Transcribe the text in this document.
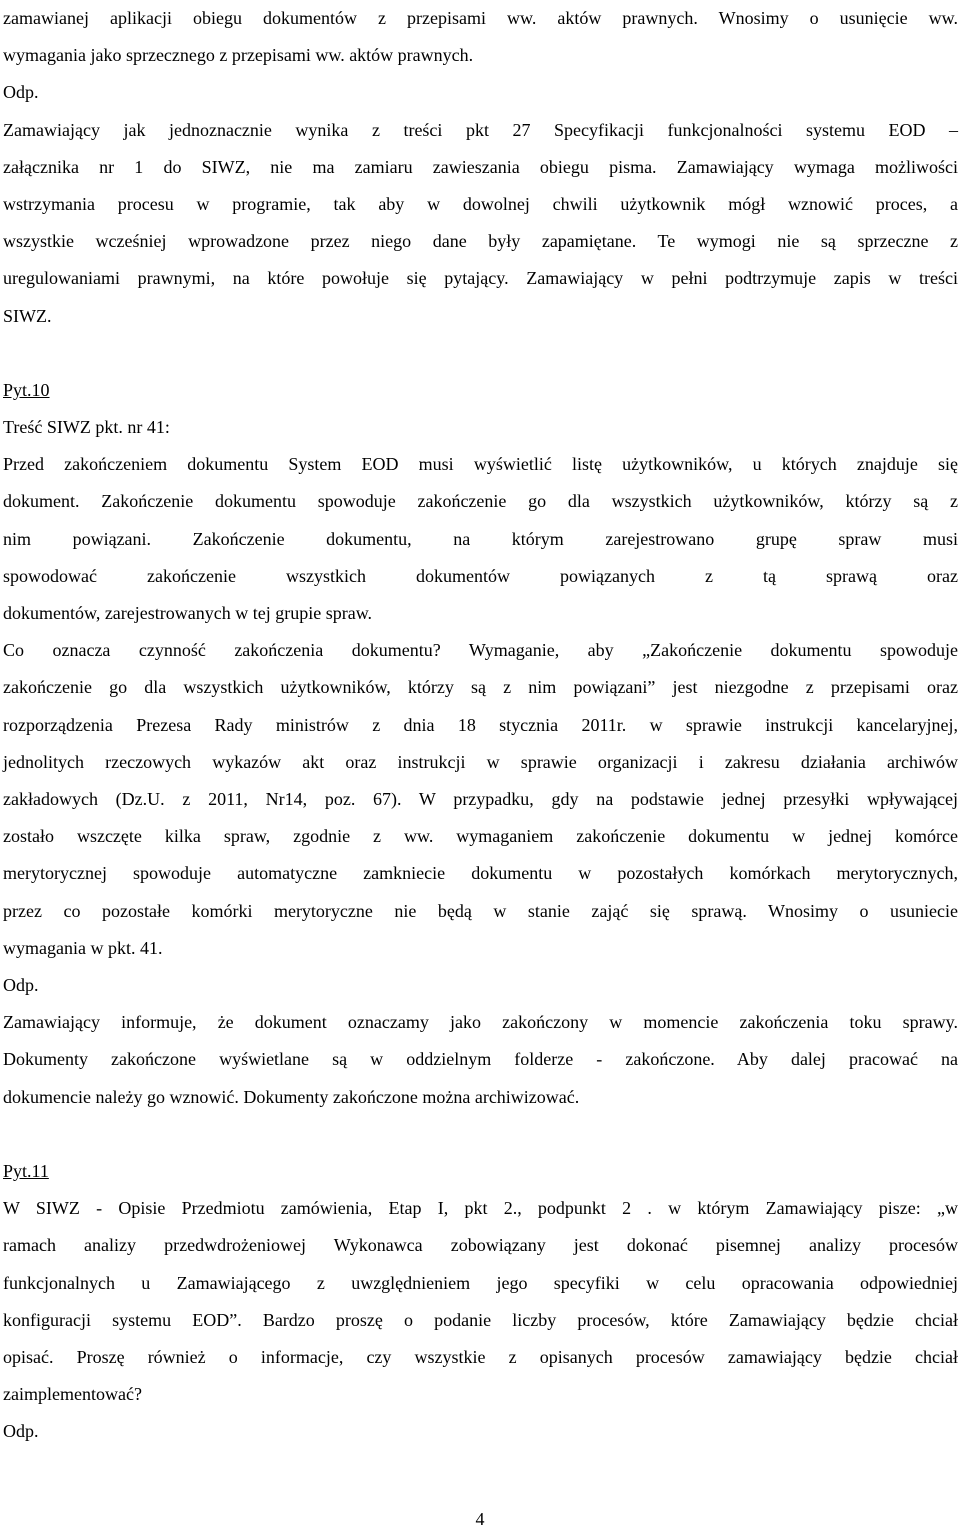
zamawianej aplikacji obiegu dokumentów z przepisami ww. aktów prawnych. Wnosimy o usunięcie ww.

wymagania jako sprzecznego z przepisami ww. aktów prawnych.

Odp.

Zamawiający jak jednoznacznie wynika z treści pkt 27 Specyfikacji funkcjonalności systemu EOD –

załącznika nr 1 do SIWZ, nie ma zamiaru zawieszania obiegu pisma. Zamawiający wymaga możliwości

wstrzymania procesu w programie, tak aby w dowolnej chwili użytkownik mógł wznowić proces, a

wszystkie wcześniej wprowadzone przez niego dane były zapamiętane. Te wymogi nie są sprzeczne z

uregulowaniami prawnymi, na które powołuje się pytający. Zamawiający w pełni podtrzymuje zapis w treści

SIWZ.

Pyt.10

Treść SIWZ pkt. nr 41:

Przed zakończeniem dokumentu System EOD musi wyświetlić listę użytkowników, u których znajduje się

dokument. Zakończenie dokumentu spowoduje zakończenie go dla wszystkich użytkowników, którzy są z

nim powiązani. Zakończenie dokumentu, na którym zarejestrowano grupę spraw musi

spowodować zakończenie wszystkich dokumentów powiązanych z tą sprawą oraz

dokumentów, zarejestrowanych w tej grupie spraw.

Co oznacza czynność zakończenia dokumentu? Wymaganie, aby „Zakończenie dokumentu spowoduje

zakończenie go dla wszystkich użytkowników, którzy są z nim powiązani” jest niezgodne z przepisami oraz

rozporządzenia Prezesa Rady ministrów z dnia 18 stycznia 2011r. w sprawie instrukcji kancelaryjnej,

jednolitych rzeczowych wykazów akt oraz instrukcji w sprawie organizacji i zakresu działania archiwów

zakładowych (Dz.U. z 2011, Nr14, poz. 67). W przypadku, gdy na podstawie jednej przesyłki wpływającej

zostało wszczęte kilka spraw, zgodnie z ww. wymaganiem zakończenie dokumentu w jednej komórce

merytorycznej spowoduje automatyczne zamkniecie dokumentu w pozostałych komórkach merytorycznych,

przez co pozostałe komórki merytoryczne nie będą w stanie zająć się sprawą. Wnosimy o usuniecie

wymagania w pkt. 41.

Odp.

Zamawiający informuje, że dokument oznaczamy jako zakończony w momencie zakończenia toku sprawy.

Dokumenty zakończone wyświetlane są w oddzielnym folderze - zakończone. Aby dalej pracować na

dokumencie należy go wznowić. Dokumenty zakończone można archiwizować.

Pyt.11

W SIWZ - Opisie Przedmiotu zamówienia, Etap I, pkt 2., podpunkt 2 . w którym Zamawiający pisze: „w

ramach analizy przedwdrożeniowej Wykonawca zobowiązany jest dokonać pisemnej analizy procesów

funkcjonalnych u Zamawiającego z uwzględnieniem jego specyfiki w celu opracowania odpowiedniej

konfiguracji systemu EOD”. Bardzo proszę o podanie liczby procesów, które Zamawiający będzie chciał

opisać. Proszę również o informacje, czy wszystkie z opisanych procesów zamawiający będzie chciał

zaimplementować?

Odp.

4
